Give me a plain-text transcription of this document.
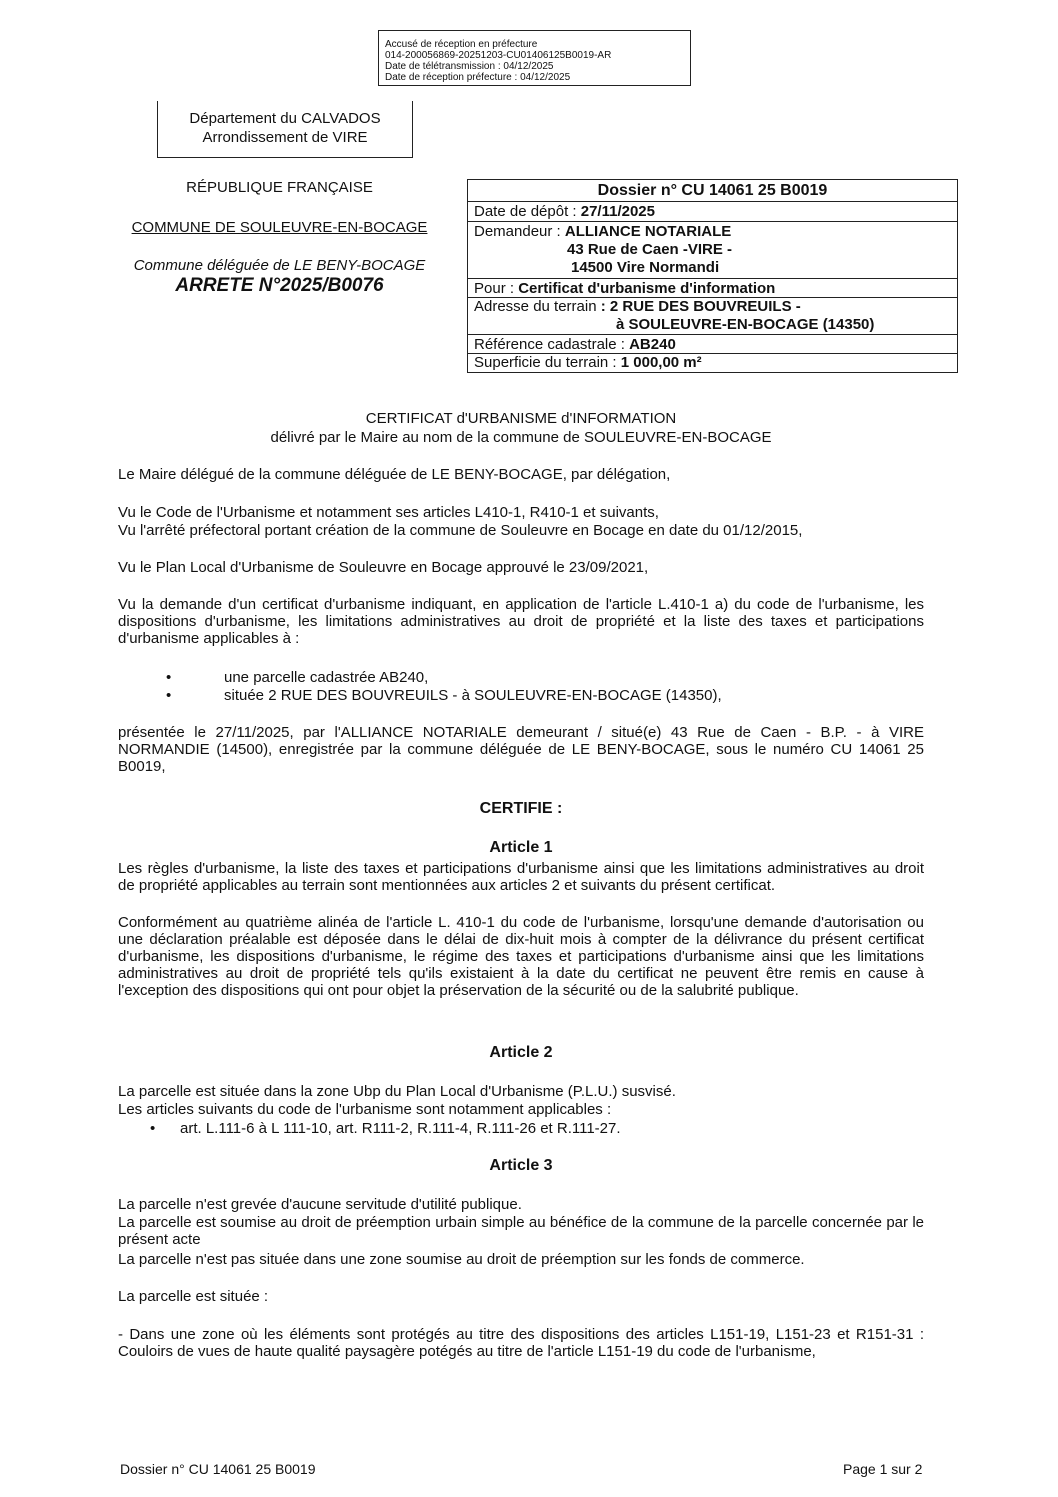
Accusé de réception en préfecture
014-200056869-20251203-CU01406125B0019-AR
Date de télétransmission : 04/12/2025
Date de réception préfecture : 04/12/2025
Département du CALVADOS
Arrondissement de VIRE
RÉPUBLIQUE FRANÇAISE
COMMUNE DE SOULEUVRE-EN-BOCAGE
Commune déléguée de LE BENY-BOCAGE
ARRETE N°2025/B0076
Dossier n° CU 14061 25 B0019
Date de dépôt : 27/11/2025
Demandeur : ALLIANCE NOTARIALE
43 Rue de Caen -VIRE -
14500 Vire Normandi
Pour : Certificat d'urbanisme d'information
Adresse du terrain : 2 RUE DES BOUVREUILS -
à SOULEUVRE-EN-BOCAGE (14350)
Référence cadastrale : AB240
Superficie du terrain : 1 000,00 m²
CERTIFICAT d'URBANISME d'INFORMATION
délivré par le Maire au nom de la commune de SOULEUVRE-EN-BOCAGE
Le Maire délégué de la commune déléguée de LE BENY-BOCAGE, par délégation,
Vu le Code de l'Urbanisme et notamment ses articles L410-1, R410-1 et suivants,
Vu l'arrêté préfectoral portant création de la commune de Souleuvre en Bocage en date du 01/12/2015,
Vu le Plan Local d'Urbanisme de Souleuvre en Bocage approuvé le 23/09/2021,
Vu la demande d'un certificat d'urbanisme indiquant, en application de l'article L.410-1 a) du code de l'urbanisme, les dispositions d'urbanisme, les limitations administratives au droit de propriété et la liste des taxes et participations d'urbanisme applicables à :
• une parcelle cadastrée AB240,
• située 2 RUE DES BOUVREUILS - à SOULEUVRE-EN-BOCAGE (14350),
présentée le 27/11/2025, par l'ALLIANCE NOTARIALE demeurant / situé(e) 43 Rue de Caen - B.P. - à VIRE NORMANDIE (14500), enregistrée par la commune déléguée de LE BENY-BOCAGE, sous le numéro CU 14061 25 B0019,
CERTIFIE :
Article 1
Les règles d'urbanisme, la liste des taxes et participations d'urbanisme ainsi que les limitations administratives au droit de propriété applicables au terrain sont mentionnées aux articles 2 et suivants du présent certificat.
Conformément au quatrième alinéa de l'article L. 410-1 du code de l'urbanisme, lorsqu'une demande d'autorisation ou une déclaration préalable est déposée dans le délai de dix-huit mois à compter de la délivrance du présent certificat d'urbanisme, les dispositions d'urbanisme, le régime des taxes et participations d'urbanisme ainsi que les limitations administratives au droit de propriété tels qu'ils existaient à la date du certificat ne peuvent être remis en cause à l'exception des dispositions qui ont pour objet la préservation de la sécurité ou de la salubrité publique.
Article 2
La parcelle est située dans la zone Ubp du Plan Local d'Urbanisme (P.L.U.) susvisé.
Les articles suivants du code de l'urbanisme sont notamment applicables :
• art. L.111-6 à L 111-10, art. R111-2, R.111-4, R.111-26 et R.111-27.
Article 3
La parcelle n'est grevée d'aucune servitude d'utilité publique.
La parcelle est soumise au droit de préemption urbain simple au bénéfice de la commune de la parcelle concernée par le présent acte
La parcelle n'est pas située dans une zone soumise au droit de préemption sur les fonds de commerce.
La parcelle est située :
- Dans une zone où les éléments sont protégés au titre des dispositions des articles L151-19, L151-23 et R151-31 : Couloirs de vues de haute qualité paysagère potégés au titre de l'article L151-19 du code de l'urbanisme,
Dossier n° CU 14061 25 B0019	Page 1 sur 2
